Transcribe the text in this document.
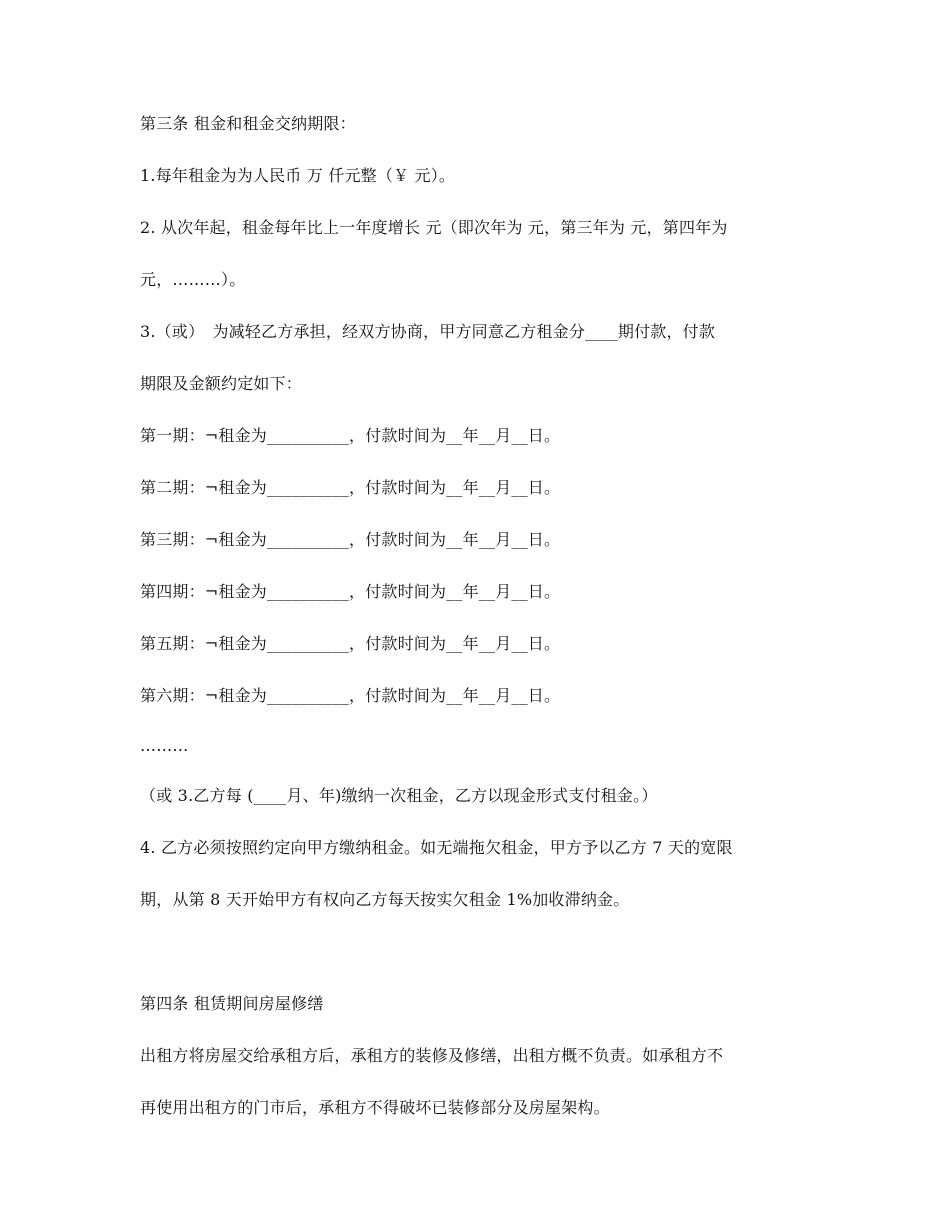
第三条 租金和租金交纳期限：
1.每年租金为为人民币 万 仟元整（￥ 元）。
2. 从次年起，租金每年比上一年度增长 元（即次年为 元，第三年为 元，第四年为
元，………）。
3.（或）　为减轻乙方承担，经双方协商，甲方同意乙方租金分____期付款，付款
期限及金额约定如下：
第一期：¬租金为__________，付款时间为__年__月__日。
第二期：¬租金为__________，付款时间为__年__月__日。
第三期：¬租金为__________，付款时间为__年__月__日。
第四期：¬租金为__________，付款时间为__年__月__日。
第五期：¬租金为__________，付款时间为__年__月__日。
第六期：¬租金为__________，付款时间为__年__月__日。
………
（或 3.乙方每 (____月、年)缴纳一次租金，乙方以现金形式支付租金。）
4. 乙方必须按照约定向甲方缴纳租金。如无端拖欠租金，甲方予以乙方 7 天的宽限
期，从第 8 天开始甲方有权向乙方每天按实欠租金 1%加收滞纳金。
第四条 租赁期间房屋修缮
出租方将房屋交给承租方后，承租方的装修及修缮，出租方概不负责。如承租方不
再使用出租方的门市后，承租方不得破坏已装修部分及房屋架构。
